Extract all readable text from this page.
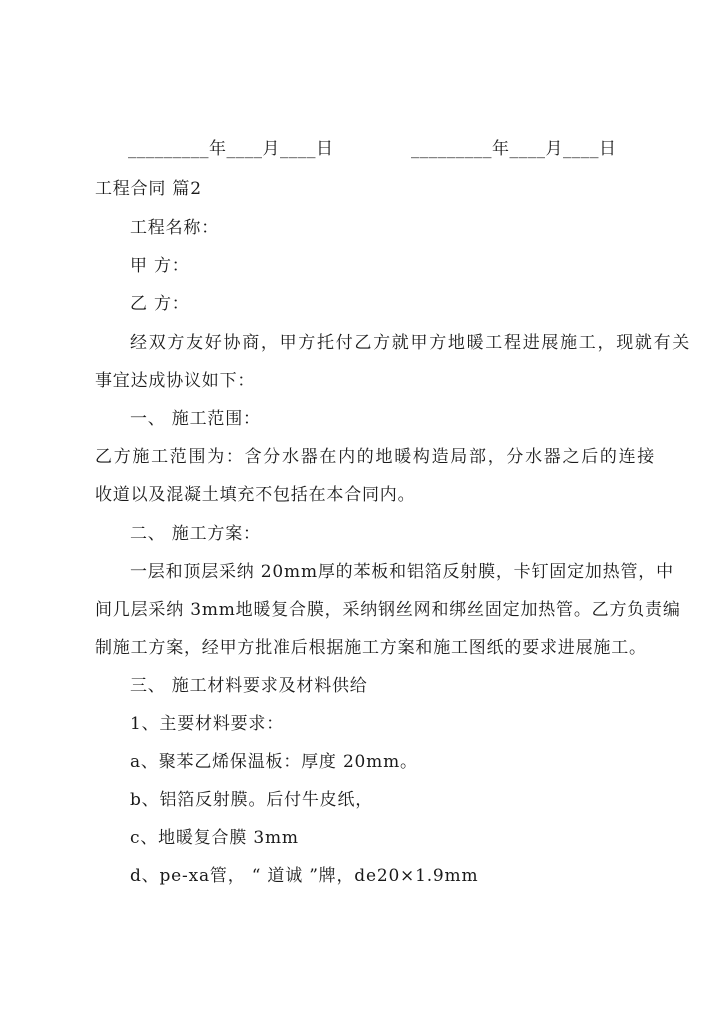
_________年____月____日	_________年____月____日
工程合同 篇2
工程名称：
甲 方：
乙 方：
经双方友好协商，甲方托付乙方就甲方地暖工程进展施工，现就有关
事宜达成协议如下：
一、 施工范围：
乙方施工范围为：含分水器在内的地暖构造局部，分水器之后的连接
收道以及混凝土填充不包括在本合同内。
二、 施工方案：
一层和顶层采纳 20mm厚的苯板和铝箔反射膜，卡钉固定加热管，中
间几层采纳 3mm地暖复合膜，采纳钢丝网和绑丝固定加热管。乙方负责编
制施工方案，经甲方批准后根据施工方案和施工图纸的要求进展施工。
三、 施工材料要求及材料供给
1、主要材料要求：
a、聚苯乙烯保温板：厚度 20mm。
b、铝箔反射膜。后付牛皮纸，
c、地暖复合膜 3mm
d、pe-xa管， “ 道诚 ”牌，de20×1.9mm
